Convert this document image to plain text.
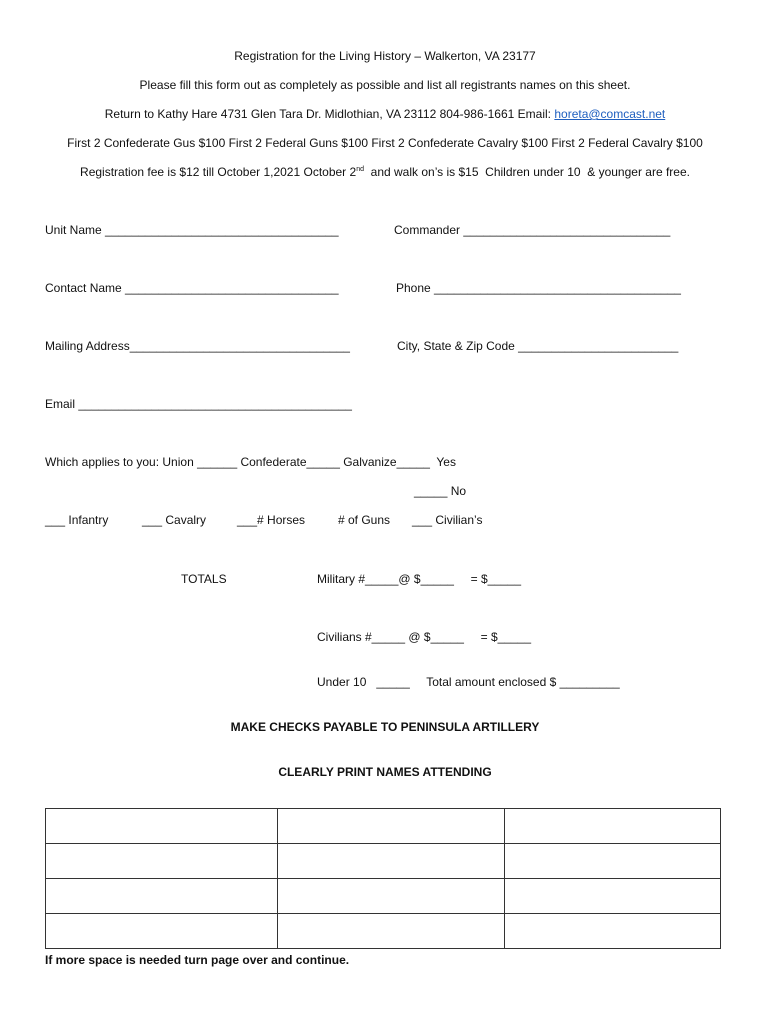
Registration for the Living History – Walkerton, VA 23177
Please fill this form out as completely as possible and list all registrants names on this sheet.
Return to Kathy Hare 4731 Glen Tara Dr. Midlothian, VA 23112 804-986-1661 Email: horeta@comcast.net
First 2 Confederate Gus $100 First 2 Federal Guns $100 First 2 Confederate Cavalry $100 First 2 Federal Cavalry $100
Registration fee is $12 till October 1,2021 October 2nd  and walk on’s is $15  Children under 10  & younger are free.
Unit Name ___________________________________	Commander _______________________________
Contact Name ________________________________	Phone _____________________________________
Mailing Address_________________________________	City, State & Zip Code ________________________
Email _________________________________________
Which applies to you: Union ______ Confederate_____ Galvanize_____  Yes
_____ No
___ Infantry	___ Cavalry	___# Horses	# of Guns ___ Civilian’s
TOTALS	Military #_____@ $_____     = $_____
Civilians #_____ @ $_____     = $_____
Under 10   _____     Total amount enclosed $ _________
MAKE CHECKS PAYABLE TO PENINSULA ARTILLERY
CLEARLY PRINT NAMES ATTENDING

If more space is needed turn page over and continue.
